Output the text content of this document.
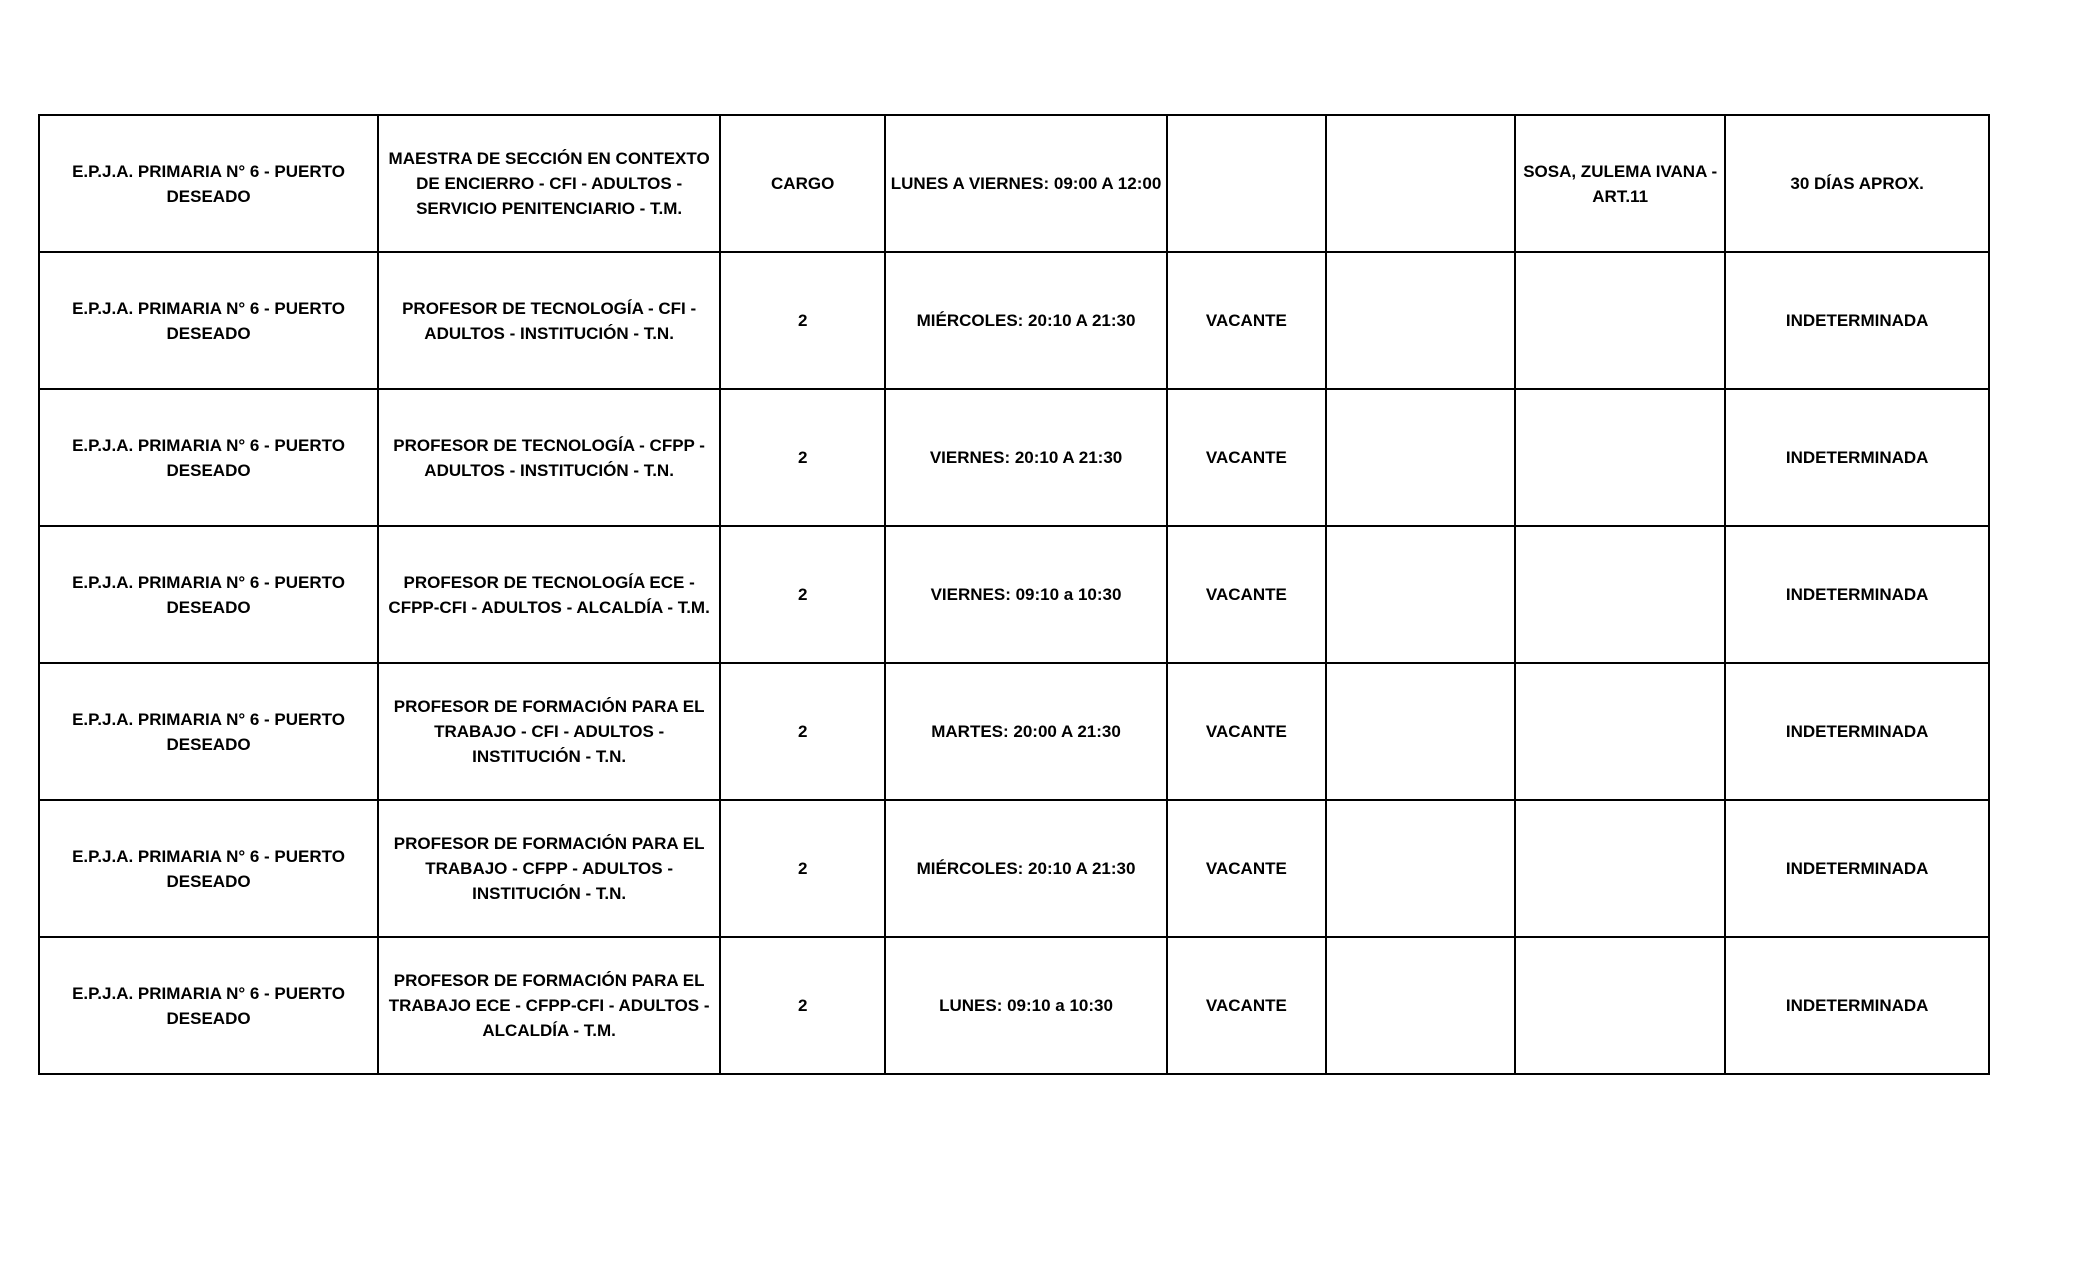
E.P.J.A. PRIMARIA N° 6 - PUERTO DESEADO	MAESTRA DE SECCIÓN EN CONTEXTO DE ENCIERRO - CFI - ADULTOS - SERVICIO PENITENCIARIO - T.M.	CARGO	LUNES A VIERNES: 09:00 A 12:00			SOSA, ZULEMA IVANA - ART.11	30 DÍAS APROX.
E.P.J.A. PRIMARIA N° 6 - PUERTO DESEADO	PROFESOR DE TECNOLOGÍA - CFI - ADULTOS - INSTITUCIÓN - T.N.	2	MIÉRCOLES: 20:10 A 21:30	VACANTE			INDETERMINADA
E.P.J.A. PRIMARIA N° 6 - PUERTO DESEADO	PROFESOR DE TECNOLOGÍA - CFPP - ADULTOS - INSTITUCIÓN - T.N.	2	VIERNES: 20:10 A 21:30	VACANTE			INDETERMINADA
E.P.J.A. PRIMARIA N° 6 - PUERTO DESEADO	PROFESOR DE TECNOLOGÍA ECE - CFPP-CFI - ADULTOS - ALCALDÍA - T.M.	2	VIERNES: 09:10 a 10:30	VACANTE			INDETERMINADA
E.P.J.A. PRIMARIA N° 6 - PUERTO DESEADO	PROFESOR DE FORMACIÓN PARA EL TRABAJO - CFI - ADULTOS - INSTITUCIÓN - T.N.	2	MARTES: 20:00 A 21:30	VACANTE			INDETERMINADA
E.P.J.A. PRIMARIA N° 6 - PUERTO DESEADO	PROFESOR DE FORMACIÓN PARA EL TRABAJO - CFPP - ADULTOS - INSTITUCIÓN - T.N.	2	MIÉRCOLES: 20:10 A 21:30	VACANTE			INDETERMINADA
E.P.J.A. PRIMARIA N° 6 - PUERTO DESEADO	PROFESOR DE FORMACIÓN PARA EL TRABAJO ECE - CFPP-CFI - ADULTOS - ALCALDÍA - T.M.	2	LUNES: 09:10 a 10:30	VACANTE			INDETERMINADA
